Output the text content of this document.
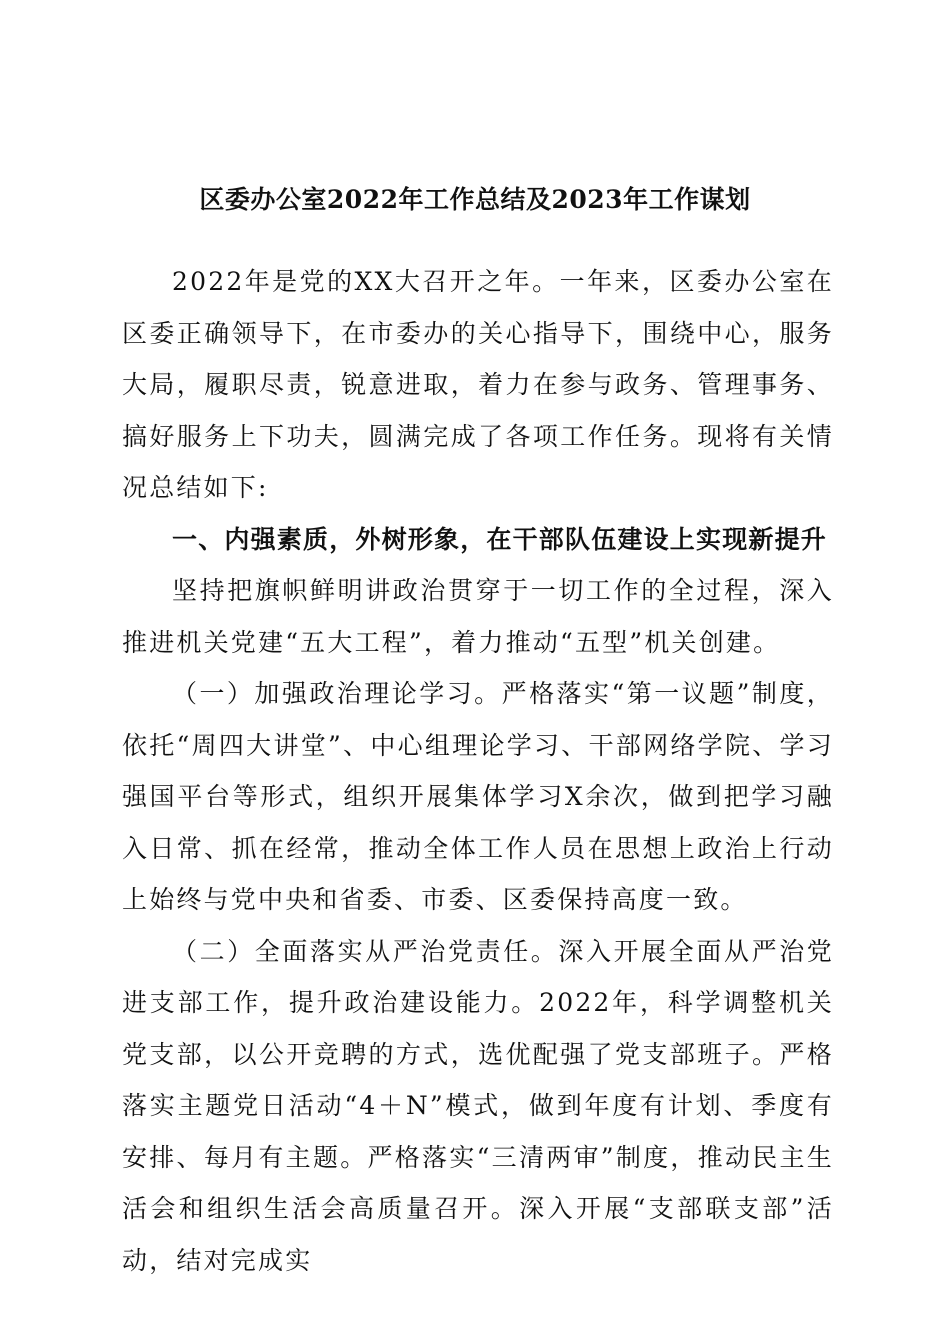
区委办公室2022年工作总结及2023年工作谋划

2022年是党的XX大召开之年。一年来，区委办公室在区委正确领导下，在市委办的关心指导下，围绕中心，服务大局，履职尽责，锐意进取，着力在参与政务、管理事务、搞好服务上下功夫，圆满完成了各项工作任务。现将有关情况总结如下:

一、内强素质，外树形象，在干部队伍建设上实现新提升

坚持把旗帜鲜明讲政治贯穿于一切工作的全过程，深入推进机关党建“五大工程”，着力推动“五型”机关创建。

（一）加强政治理论学习。严格落实“第一议题”制度，依托“周四大讲堂”、中心组理论学习、干部网络学院、学习强国平台等形式，组织开展集体学习X余次，做到把学习融入日常、抓在经常，推动全体工作人员在思想上政治上行动上始终与党中央和省委、市委、区委保持高度一致。

（二）全面落实从严治党责任。深入开展全面从严治党进支部工作，提升政治建设能力。2022年，科学调整机关党支部，以公开竞聘的方式，选优配强了党支部班子。严格落实主题党日活动“4＋N”模式，做到年度有计划、季度有安排、每月有主题。严格落实“三清两审”制度，推动民主生活会和组织生活会高质量召开。深入开展“支部联支部”活动，结对完成实
